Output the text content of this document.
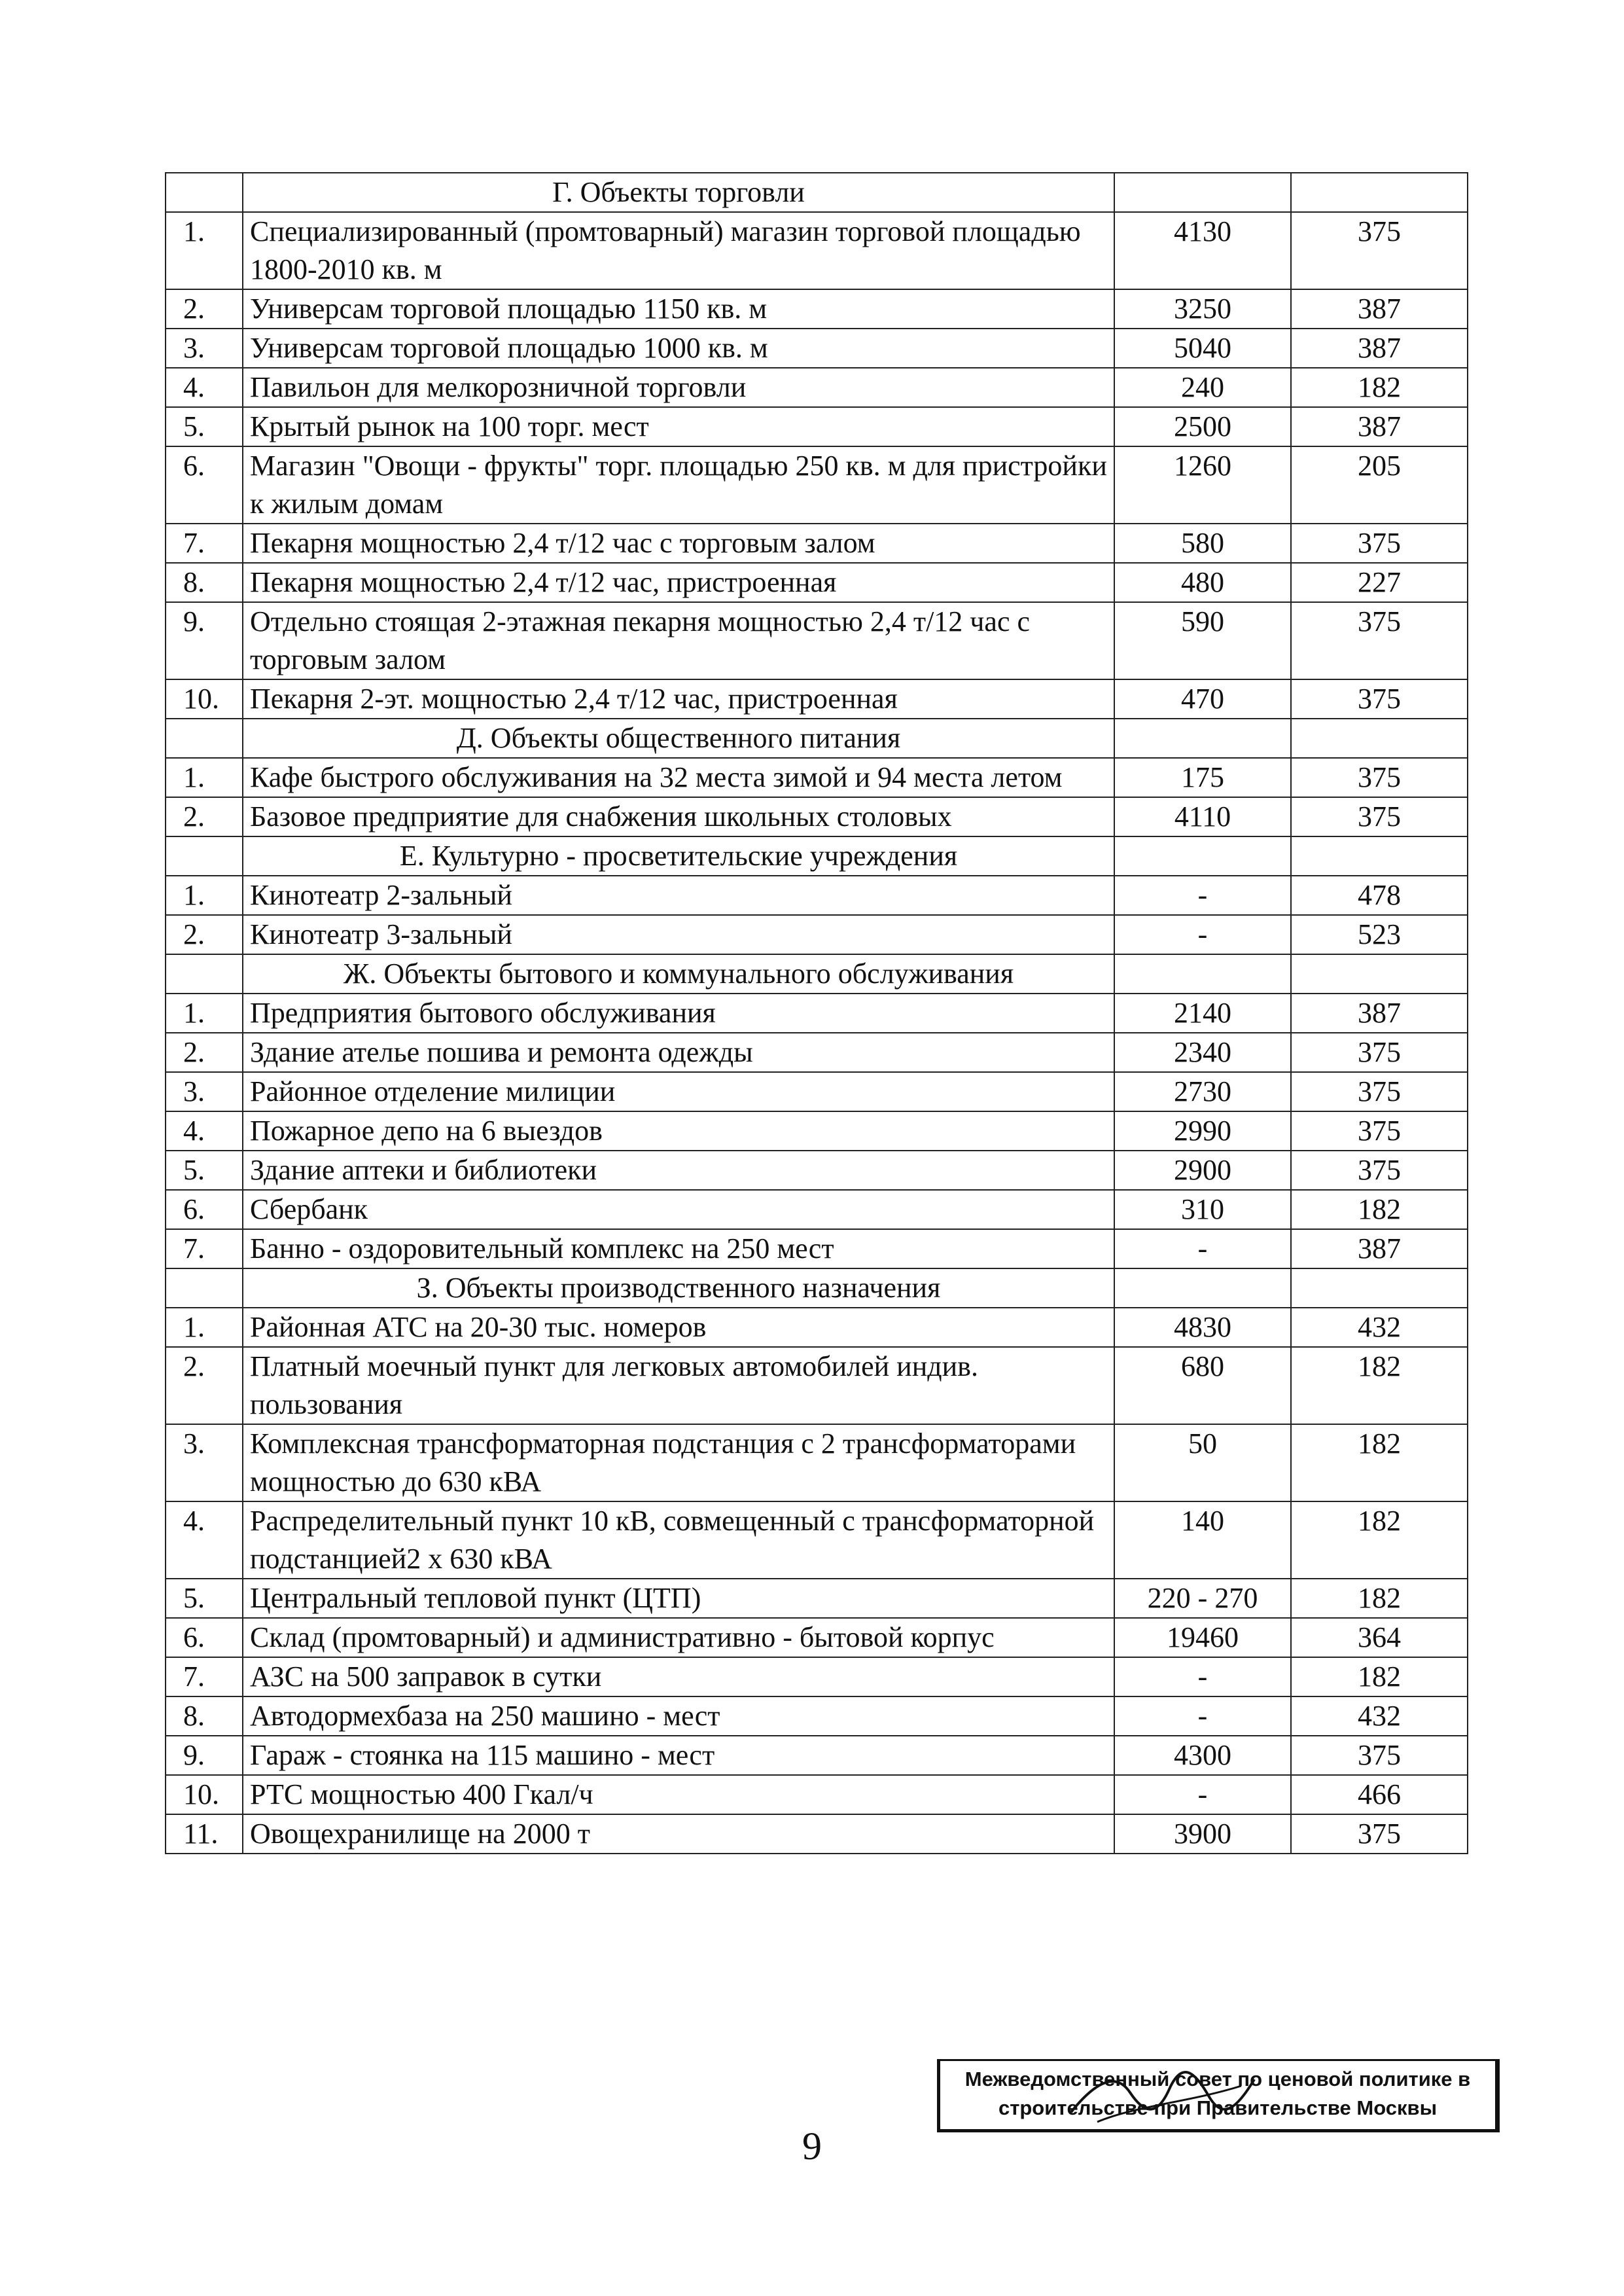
	Г. Объекты торговли		
1.	Специализированный (промтоварный) магазин торговой площадью 1800-2010 кв. м	4130	375
2.	Универсам торговой площадью 1150 кв. м	3250	387
3.	Универсам торговой площадью 1000 кв. м	5040	387
4.	Павильон для мелкорозничной торговли	240	182
5.	Крытый рынок на 100 торг. мест	2500	387
6.	Магазин "Овощи - фрукты" торг. площадью 250 кв. м для пристройки к жилым домам	1260	205
7.	Пекарня мощностью 2,4 т/12 час с торговым залом	580	375
8.	Пекарня мощностью 2,4 т/12 час, пристроенная	480	227
9.	Отдельно стоящая 2-этажная пекарня мощностью 2,4 т/12 час с торговым залом	590	375
10.	Пекарня 2-эт. мощностью 2,4 т/12 час, пристроенная	470	375
	Д. Объекты общественного питания		
1.	Кафе быстрого обслуживания на 32 места зимой и 94 места летом	175	375
2.	Базовое предприятие для снабжения школьных столовых	4110	375
	Е. Культурно - просветительские учреждения		
1.	Кинотеатр 2-зальный	-	478
2.	Кинотеатр 3-зальный	-	523
	Ж. Объекты бытового и коммунального обслуживания		
1.	Предприятия бытового обслуживания	2140	387
2.	Здание ателье пошива и ремонта одежды	2340	375
3.	Районное отделение милиции	2730	375
4.	Пожарное депо на 6 выездов	2990	375
5.	Здание аптеки и библиотеки	2900	375
6.	Сбербанк	310	182
7.	Банно - оздоровительный комплекс на 250 мест	-	387
	З. Объекты производственного назначения		
1.	Районная АТС на 20-30 тыс. номеров	4830	432
2.	Платный моечный пункт для легковых автомобилей индив. пользования	680	182
3.	Комплексная трансформаторная подстанция с 2 трансформаторами мощностью до 630 кВА	50	182
4.	Распределительный пункт 10 кВ, совмещенный с трансформаторной подстанцией2 х 630 кВА	140	182
5.	Центральный тепловой пункт (ЦТП)	220 - 270	182
6.	Склад (промтоварный) и административно - бытовой корпус	19460	364
7.	АЗС на 500 заправок в сутки	-	182
8.	Автодормехбаза на 250 машино - мест	-	432
9.	Гараж - стоянка на 115 машино - мест	4300	375
10.	РТС мощностью 400 Гкал/ч	-	466
11.	Овощехранилище на 2000 т	3900	375
Межведомственный совет по ценовой политике в
строительстве при Правительстве Москвы
9
